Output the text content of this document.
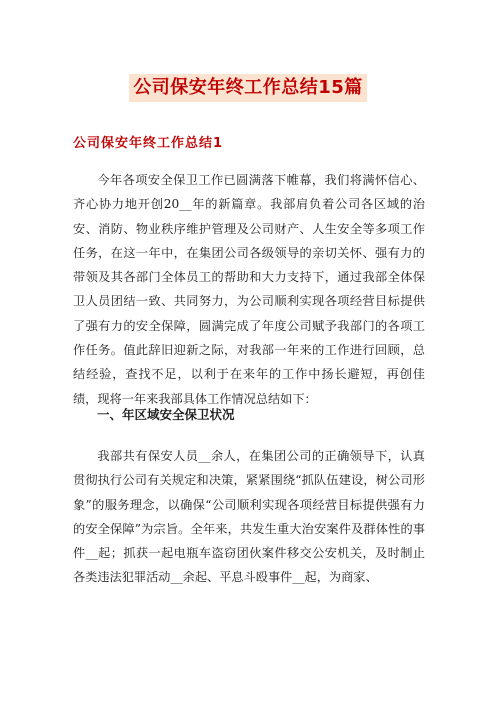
公司保安年终工作总结15篇
公司保安年终工作总结1

今年各项安全保卫工作已圆满落下帷幕，我们将满怀信心、齐心协力地开创20__年的新篇章。我部肩负着公司各区域的治安、消防、物业秩序维护管理及公司财产、人生安全等多项工作任务，在这一年中，在集团公司各级领导的亲切关怀、强有力的带领及其各部门全体员工的帮助和大力支持下，通过我部全体保卫人员团结一致、共同努力，为公司顺利实现各项经营目标提供了强有力的安全保障，圆满完成了年度公司赋予我部门的各项工作任务。值此辞旧迎新之际，对我部一年来的工作进行回顾，总结经验，查找不足，以利于在来年的工作中扬长避短，再创佳绩，现将一年来我部具体工作情况总结如下：

一、年区域安全保卫状况

我部共有保安人员__余人，在集团公司的正确领导下，认真贯彻执行公司有关规定和决策，紧紧围绕“抓队伍建设，树公司形象”的服务理念，以确保“公司顺利实现各项经营目标提供强有力的安全保障”为宗旨。全年来，共发生重大治安案件及群体性的事件__起；抓获一起电瓶车盗窃团伙案件移交公安机关，及时制止各类违法犯罪活动__余起、平息斗殴事件__起，为商家、
